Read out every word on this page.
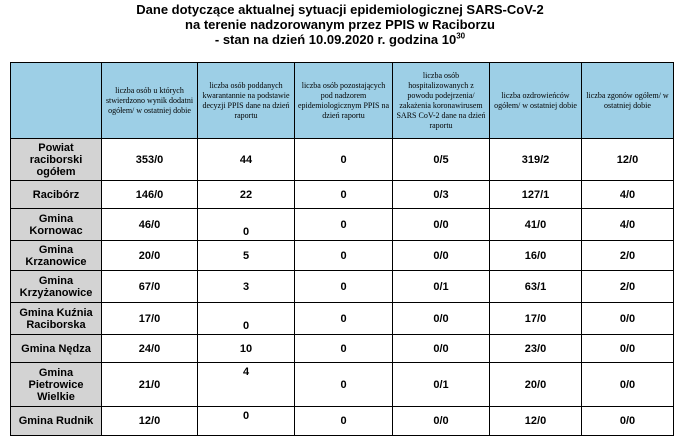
Dane dotyczące aktualnej sytuacji epidemiologicznej SARS-CoV-2
na terenie nadzorowanym przez PPIS w Raciborzu
- stan na dzień 10.09.2020 r. godzina $10^{30}$
	liczba osób u których stwierdzono wynik dodatni ogółem/ w ostatniej dobie	liczba osób poddanych kwarantannie na podstawie decyzji PPIS dane na dzień raportu	liczba osób pozostających pod nadzorem epidemiologicznym PPIS na dzień raportu	liczba osób hospitalizowanych z powodu podejrzenia/ zakażenia koronawirusem SARS CoV-2 dane na dzień raportu	liczba ozdrowieńców ogółem/ w ostatniej dobie	liczba zgonów ogółem/ w ostatniej dobie
Powiat raciborski ogółem	353/0	44	0	0/5	319/2	12/0
Racibórz	146/0	22	0	0/3	127/1	4/0
Gmina Kornowac	46/0	0	0	0/0	41/0	4/0
Gmina Krzanowice	20/0	5	0	0/0	16/0	2/0
Gmina Krzyżanowice	67/0	3	0	0/1	63/1	2/0
Gmina Kuźnia Raciborska	17/0	0	0	0/0	17/0	0/0
Gmina Nędza	24/0	10	0	0/0	23/0	0/0
Gmina Pietrowice Wielkie	21/0	4	0	0/1	20/0	0/0
Gmina Rudnik	12/0	0	0	0/0	12/0	0/0
